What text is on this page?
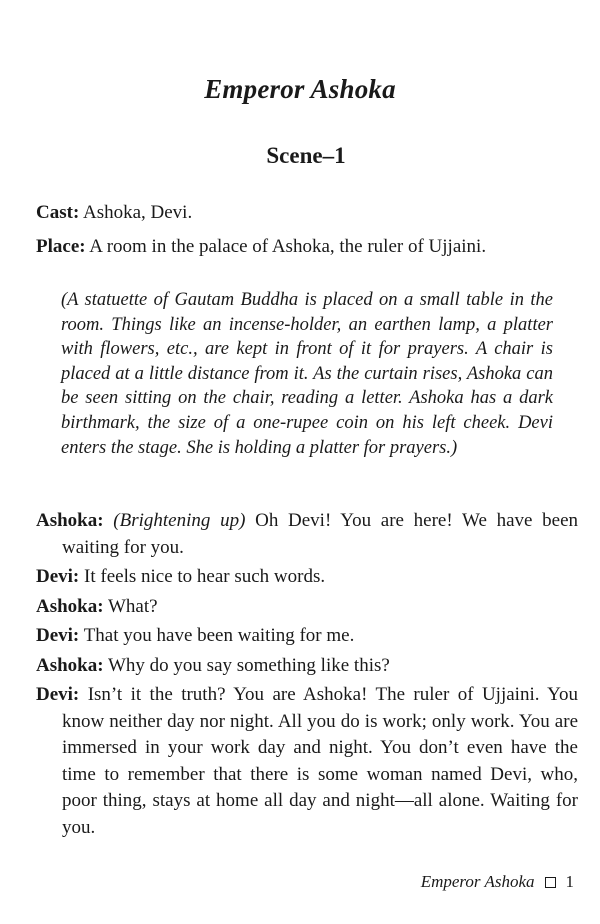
Emperor Ashoka
Scene–1

Cast: Ashoka, Devi.

Place: A room in the palace of Ashoka, the ruler of Ujjaini.

(A statuette of Gautam Buddha is placed on a small table in the room. Things like an incense-holder, an earthen lamp, a platter with flowers, etc., are kept in front of it for prayers. A chair is placed at a little distance from it. As the curtain rises, Ashoka can be seen sitting on the chair, reading a letter. Ashoka has a dark birthmark, the size of a one-rupee coin on his left cheek. Devi enters the stage. She is holding a platter for prayers.)

Ashoka: (Brightening up) Oh Devi! You are here! We have been waiting for you.

Devi: It feels nice to hear such words.

Ashoka: What?

Devi: That you have been waiting for me.

Ashoka: Why do you say something like this?

Devi: Isn’t it the truth? You are Ashoka! The ruler of Ujjaini. You know neither day nor night. All you do is work; only work. You are immersed in your work day and night. You don’t even have the time to remember that there is some woman named Devi, who, poor thing, stays at home all day and night—all alone. Waiting for you.

Emperor Ashoka 1
